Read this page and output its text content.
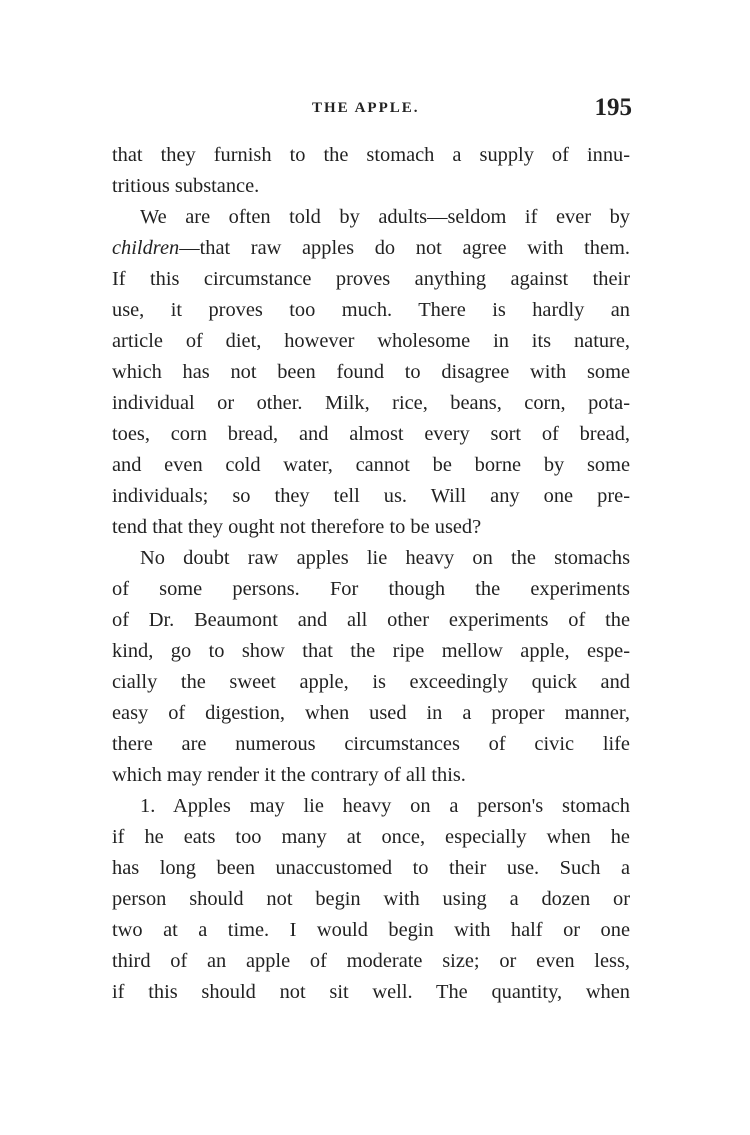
THE APPLE.	195
that they furnish to the stomach a supply of innu-
tritious substance.
We are often told by adults—seldom if ever by
children—that raw apples do not agree with them.
If this circumstance proves anything against their
use, it proves too much. There is hardly an
article of diet, however wholesome in its nature,
which has not been found to disagree with some
individual or other. Milk, rice, beans, corn, pota-
toes, corn bread, and almost every sort of bread,
and even cold water, cannot be borne by some
individuals; so they tell us. Will any one pre-
tend that they ought not therefore to be used?
No doubt raw apples lie heavy on the stomachs
of some persons. For though the experiments
of Dr. Beaumont and all other experiments of the
kind, go to show that the ripe mellow apple, espe-
cially the sweet apple, is exceedingly quick and
easy of digestion, when used in a proper manner,
there are numerous circumstances of civic life
which may render it the contrary of all this.
1. Apples may lie heavy on a person's stomach
if he eats too many at once, especially when he
has long been unaccustomed to their use. Such a
person should not begin with using a dozen or
two at a time. I would begin with half or one
third of an apple of moderate size; or even less,
if this should not sit well. The quantity, when
